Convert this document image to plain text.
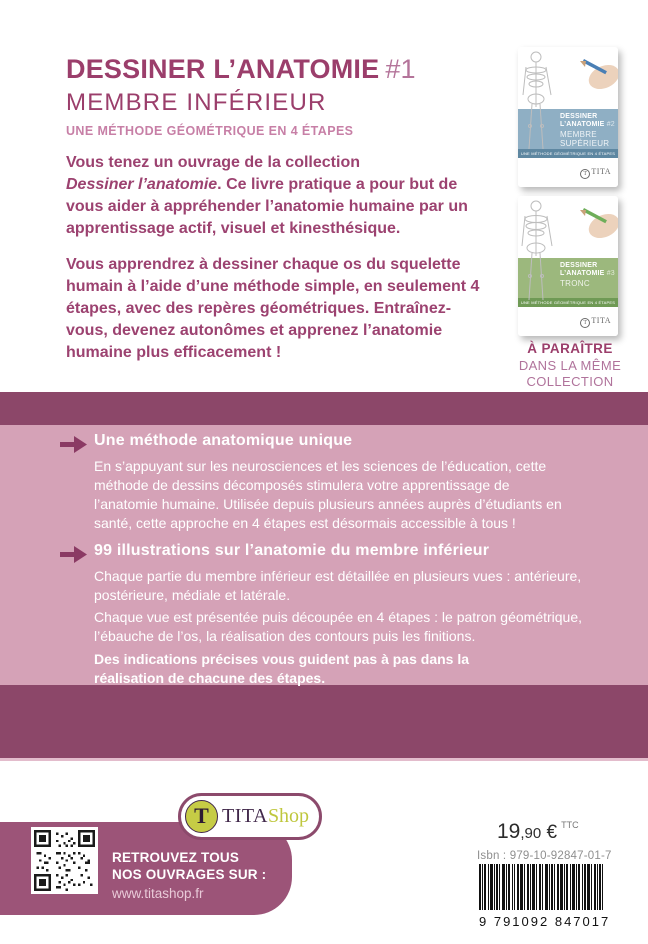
DESSINER L’ANATOMIE #1
MEMBRE INFÉRIEUR
UNE MÉTHODE GÉOMÉTRIQUE EN 4 ÉTAPES
Vous tenez un ouvrage de la collection
Dessiner l’anatomie. Ce livre pratique a pour but de vous aider à appréhender l’anatomie humaine par un apprentissage actif, visuel et kinesthésique.
Vous apprendrez à dessiner chaque os du squelette humain à l’aide d’une méthode simple, en seulement 4 étapes, avec des repères géométriques. Entraînez-vous, devenez autonômes et apprenez l’anatomie humaine plus efficacement !
DESSINER
L’ANATOMIE #2
MEMBRE
SUPÉRIEUR
UNE MÉTHODE GÉOMÉTRIQUE EN 4 ÉTAPES
T TITA
DESSINER
L’ANATOMIE #3
TRONC
UNE MÉTHODE GÉOMÉTRIQUE EN 4 ÉTAPES
T TITA
À PARAÎTRE
DANS LA MÊME
COLLECTION
Une méthode anatomique unique
En s’appuyant sur les neurosciences et les sciences de l’éducation, cette méthode de dessins décomposés stimulera votre apprentissage de l’anatomie humaine. Utilisée depuis plusieurs années auprès d’étudiants en santé, cette approche en 4 étapes est désormais accessible à tous !
99 illustrations sur l’anatomie du membre inférieur
Chaque partie du membre inférieur est détaillée en plusieurs vues : antérieure, postérieure, médiale et latérale.
Chaque vue est présentée puis découpée en 4 étapes : le patron géométrique, l’ébauche de l’os, la réalisation des contours puis les finitions.
Des indications précises vous guident pas à pas dans la réalisation de chacune des étapes.
T TITA Shop
RETROUVEZ TOUS
NOS OUVRAGES SUR :
www.titashop.fr
19,90 € $^{TTC}$
Isbn : 979-10-92847-01-7
9 791092 847017
